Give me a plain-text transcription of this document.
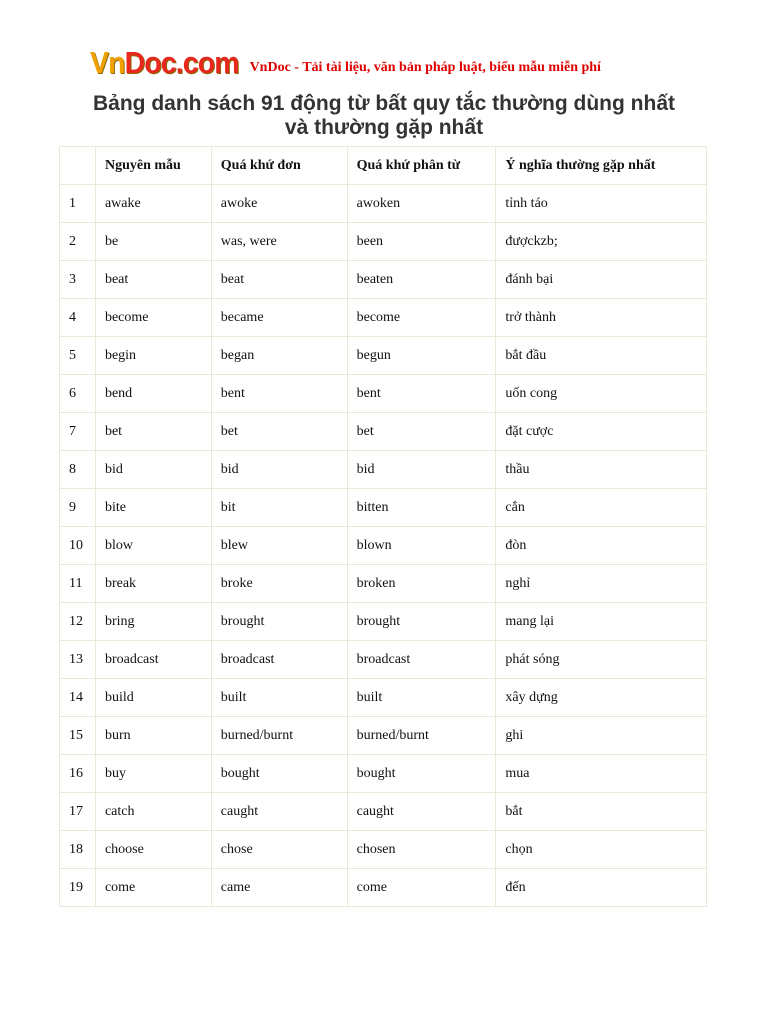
VnDoc.com VnDoc - Tải tài liệu, văn bản pháp luật, biểu mẫu miễn phí
Bảng danh sách 91 động từ bất quy tắc thường dùng nhất
và thường gặp nhất
	Nguyên mẫu	Quá khứ đơn	Quá khứ phân từ	Ý nghĩa thường gặp nhất
1	awake	awoke	awoken	tỉnh táo
2	be	was, were	been	đượckzb;
3	beat	beat	beaten	đánh bại
4	become	became	become	trở thành
5	begin	began	begun	bắt đầu
6	bend	bent	bent	uốn cong
7	bet	bet	bet	đặt cược
8	bid	bid	bid	thầu
9	bite	bit	bitten	cắn
10	blow	blew	blown	đòn
11	break	broke	broken	nghỉ
12	bring	brought	brought	mang lại
13	broadcast	broadcast	broadcast	phát sóng
14	build	built	built	xây dựng
15	burn	burned/burnt	burned/burnt	ghi
16	buy	bought	bought	mua
17	catch	caught	caught	bắt
18	choose	chose	chosen	chọn
19	come	came	come	đến
